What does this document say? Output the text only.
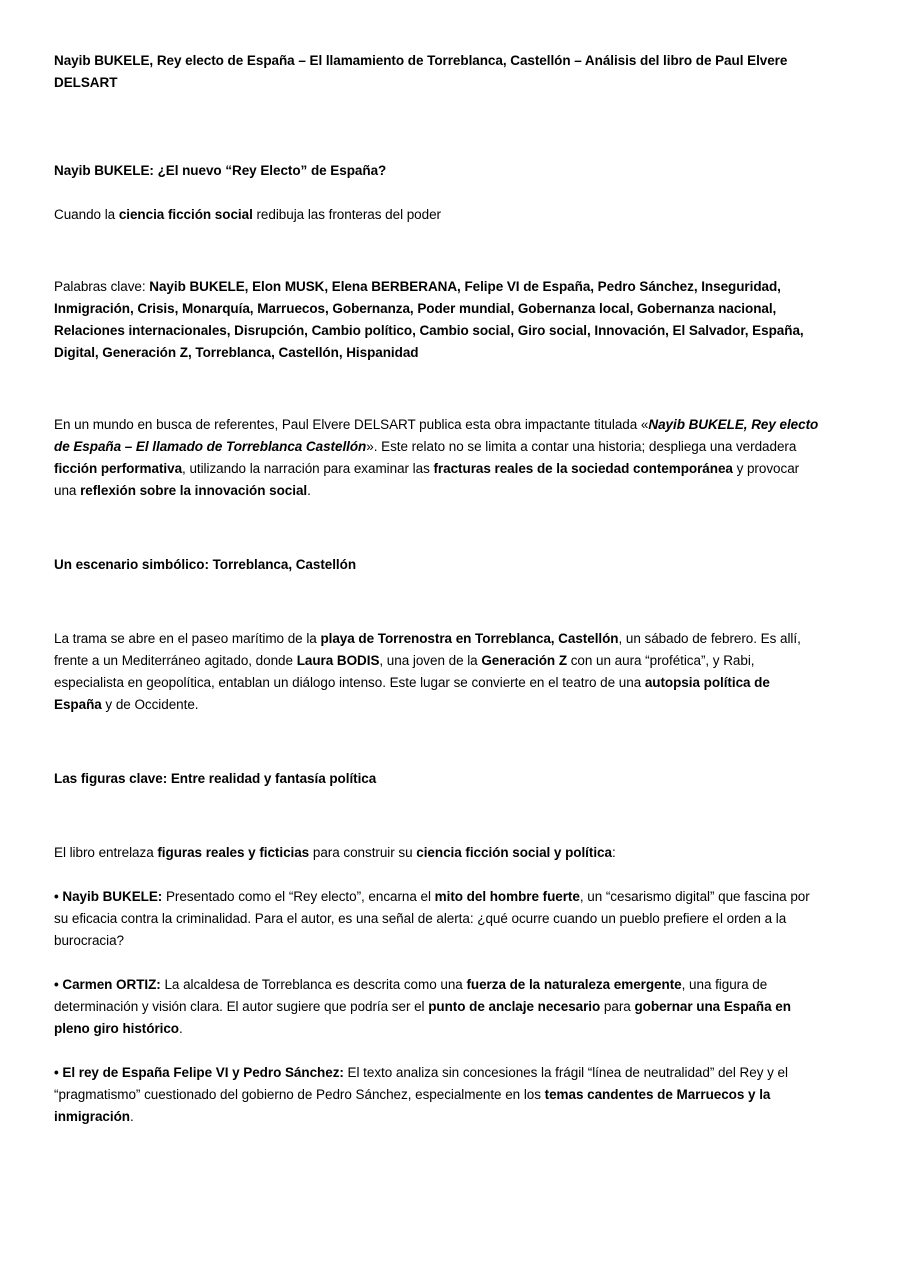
Nayib BUKELE, Rey electo de España – El llamamiento de Torreblanca, Castellón – Análisis del libro de Paul Elvere DELSART
Nayib BUKELE: ¿El nuevo “Rey Electo” de España?

Cuando la ciencia ficción social redibuja las fronteras del poder

Palabras clave: Nayib BUKELE, Elon MUSK, Elena BERBERANA, Felipe VI de España, Pedro Sánchez, Inseguridad, Inmigración, Crisis, Monarquía, Marruecos, Gobernanza, Poder mundial, Gobernanza local, Gobernanza nacional, Relaciones internacionales, Disrupción, Cambio político, Cambio social, Giro social, Innovación, El Salvador, España, Digital, Generación Z, Torreblanca, Castellón, Hispanidad

En un mundo en busca de referentes, Paul Elvere DELSART publica esta obra impactante titulada «Nayib BUKELE, Rey electo de España – El llamado de Torreblanca Castellón». Este relato no se limita a contar una historia; despliega una verdadera ficción performativa, utilizando la narración para examinar las fracturas reales de la sociedad contemporánea y provocar una reflexión sobre la innovación social.

Un escenario simbólico: Torreblanca, Castellón

La trama se abre en el paseo marítimo de la playa de Torrenostra en Torreblanca, Castellón, un sábado de febrero. Es allí, frente a un Mediterráneo agitado, donde Laura BODIS, una joven de la Generación Z con un aura “profética”, y Rabi, especialista en geopolítica, entablan un diálogo intenso. Este lugar se convierte en el teatro de una autopsia política de España y de Occidente.

Las figuras clave: Entre realidad y fantasía política

El libro entrelaza figuras reales y ficticias para construir su ciencia ficción social y política:

• Nayib BUKELE: Presentado como el “Rey electo”, encarna el mito del hombre fuerte, un “cesarismo digital” que fascina por su eficacia contra la criminalidad. Para el autor, es una señal de alerta: ¿qué ocurre cuando un pueblo prefiere el orden a la burocracia?

• Carmen ORTIZ: La alcaldesa de Torreblanca es descrita como una fuerza de la naturaleza emergente, una figura de determinación y visión clara. El autor sugiere que podría ser el punto de anclaje necesario para gobernar una España en pleno giro histórico.

• El rey de España Felipe VI y Pedro Sánchez: El texto analiza sin concesiones la frágil “línea de neutralidad” del Rey y el “pragmatismo” cuestionado del gobierno de Pedro Sánchez, especialmente en los temas candentes de Marruecos y la inmigración.
